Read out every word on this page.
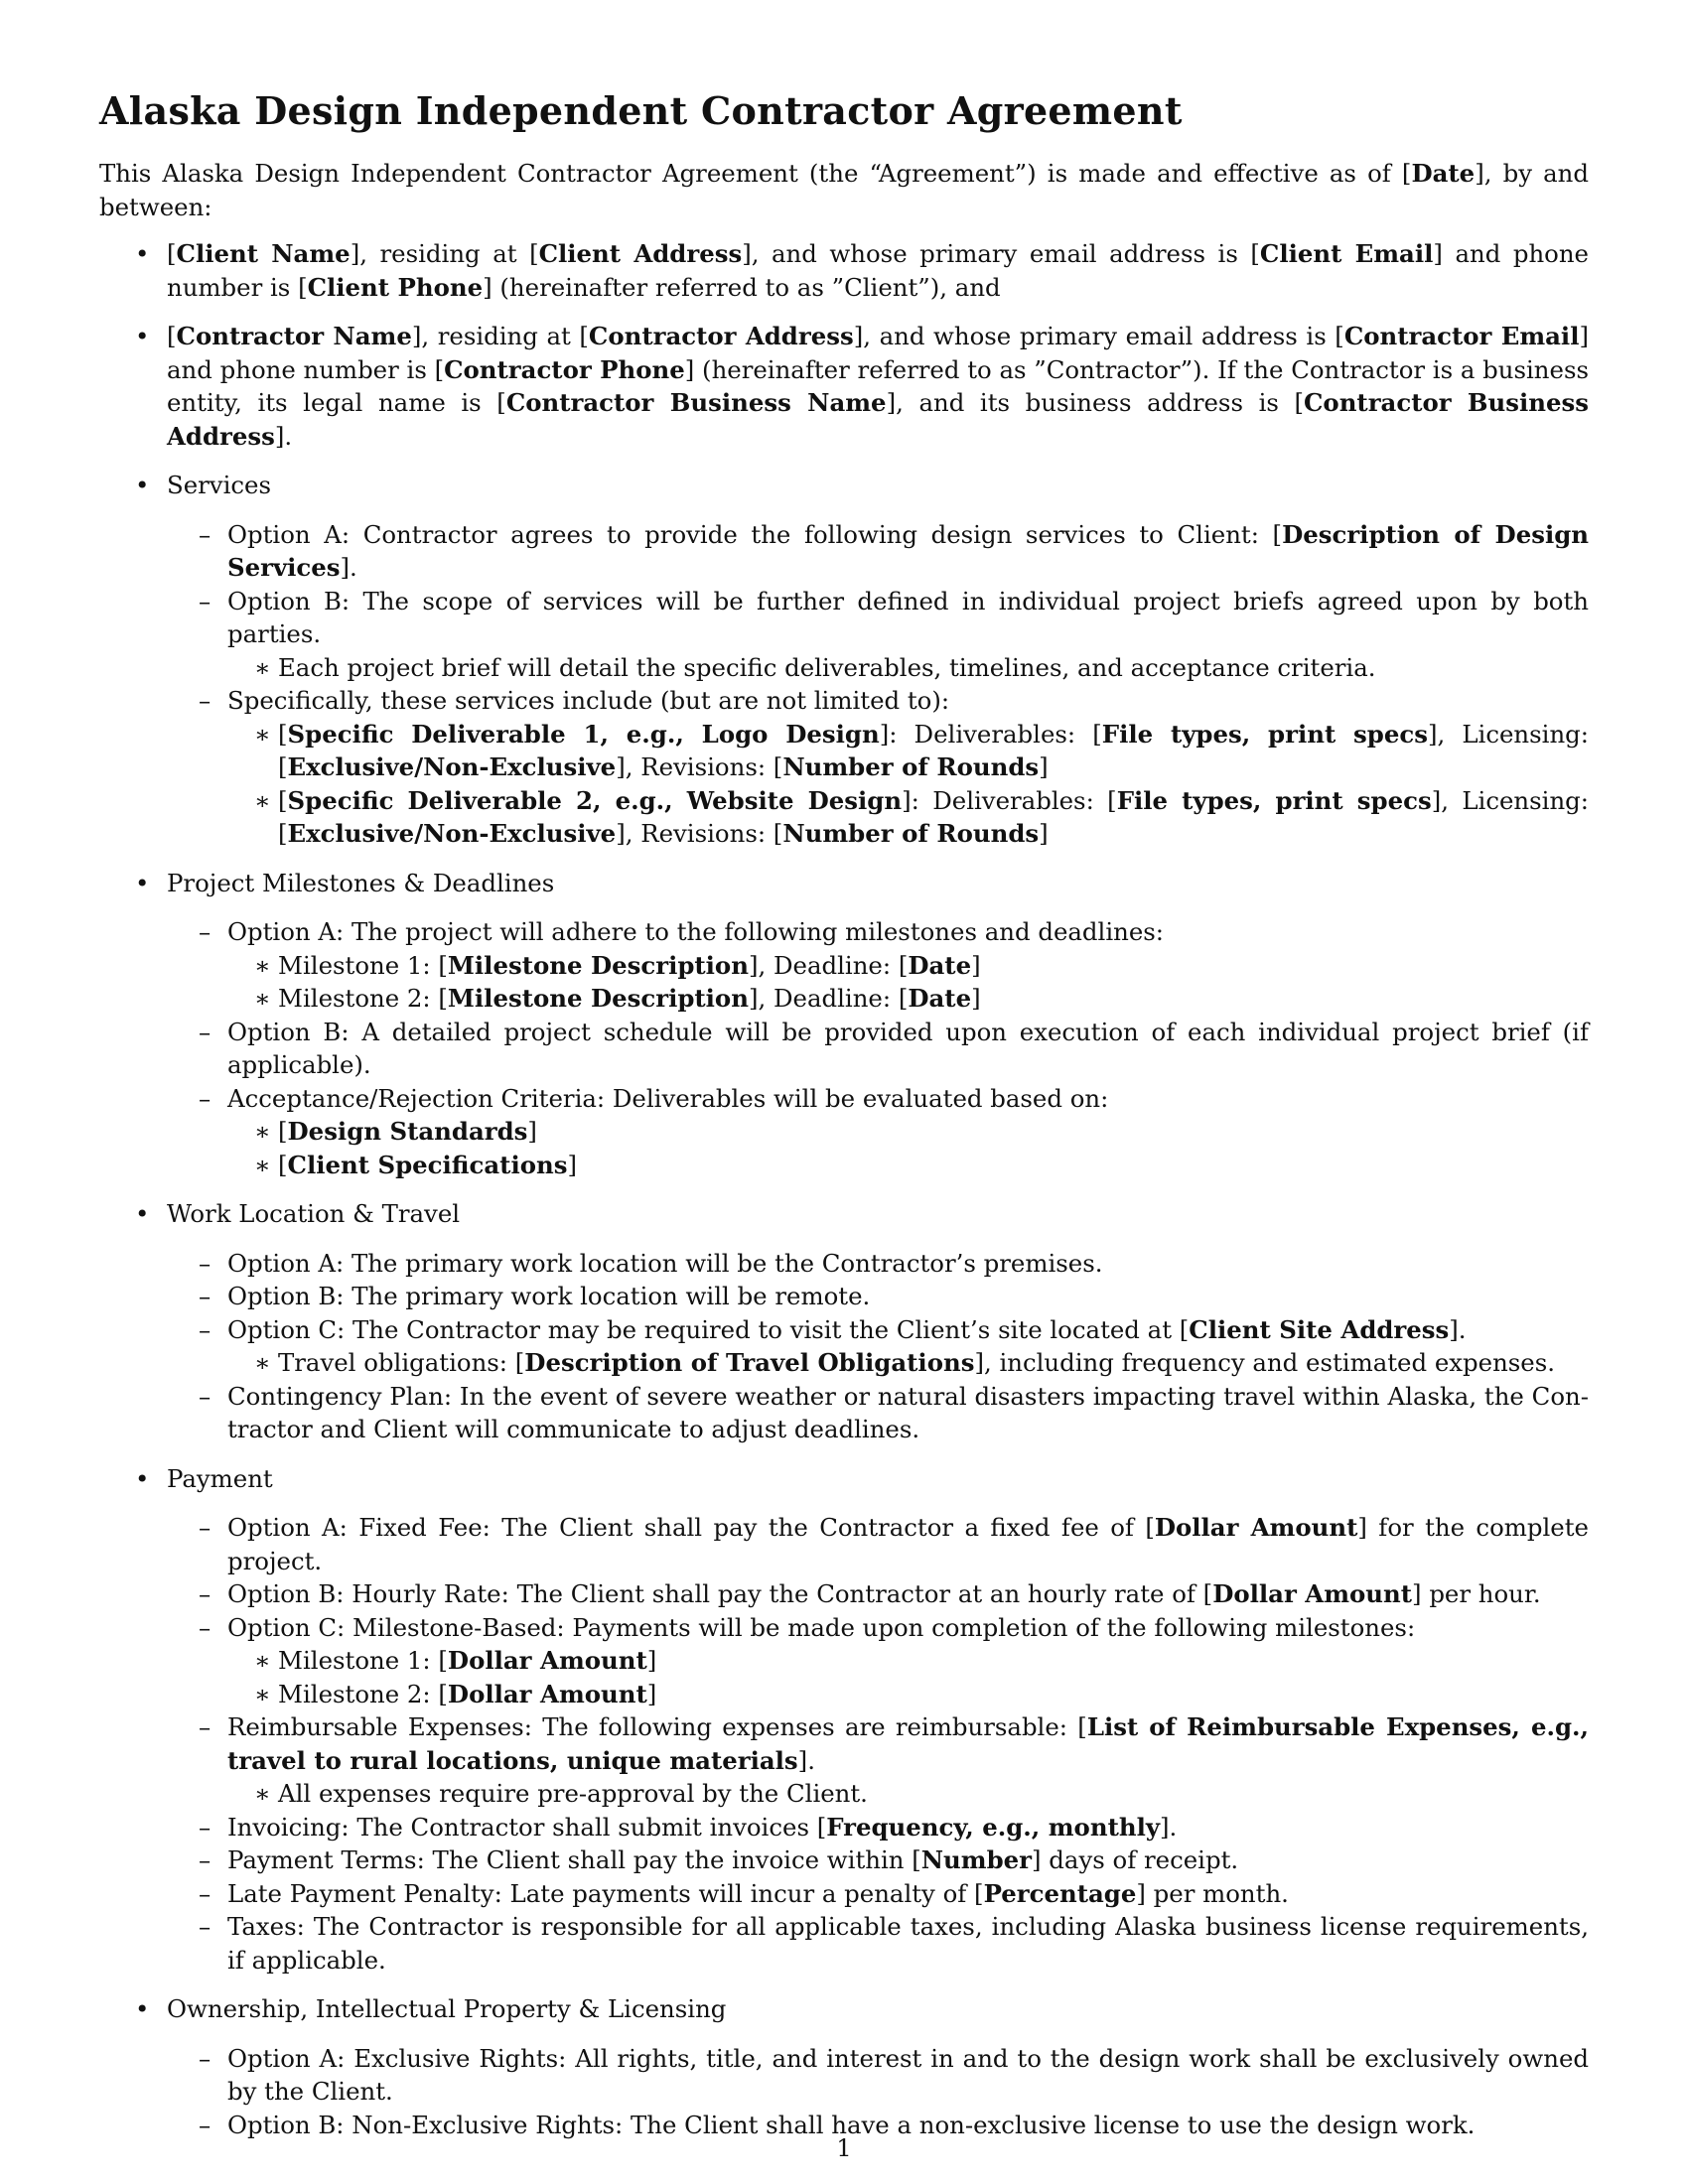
Alaska Design Independent Contractor Agreement

This Alaska Design Independent Contractor Agreement (the “Agreement”) is made and effective as of [Date], by and between:

• [Client Name], residing at [Client Address], and whose primary email address is [Client Email] and phone number is [Client Phone] (hereinafter referred to as ”Client”), and
• [Contractor Name], residing at [Contractor Address], and whose primary email address is [Contractor Email] and phone number is [Contractor Phone] (hereinafter referred to as ”Contractor”). If the Contractor is a business entity, its legal name is [Contractor Business Name], and its business address is [Contractor Business Address].
• Services
– Option A: Contractor agrees to provide the following design services to Client: [Description of Design Services].
– Option B: The scope of services will be further defined in individual project briefs agreed upon by both parties.
∗ Each project brief will detail the specific deliverables, timelines, and acceptance criteria.
– Specifically, these services include (but are not limited to):
∗ [Specific Deliverable 1, e.g., Logo Design]: Deliverables: [File types, print specs], Licensing: [Exclusive/Non-Exclusive], Revisions: [Number of Rounds]
∗ [Specific Deliverable 2, e.g., Website Design]: Deliverables: [File types, print specs], Licensing: [Exclusive/Non-Exclusive], Revisions: [Number of Rounds]
• Project Milestones & Deadlines
– Option A: The project will adhere to the following milestones and deadlines:
∗ Milestone 1: [Milestone Description], Deadline: [Date]
∗ Milestone 2: [Milestone Description], Deadline: [Date]
– Option B: A detailed project schedule will be provided upon execution of each individual project brief (if applicable).
– Acceptance/Rejection Criteria: Deliverables will be evaluated based on:
∗ [Design Standards]
∗ [Client Specifications]
• Work Location & Travel
– Option A: The primary work location will be the Contractor’s premises.
– Option B: The primary work location will be remote.
– Option C: The Contractor may be required to visit the Client’s site located at [Client Site Address].
∗ Travel obligations: [Description of Travel Obligations], including frequency and estimated expenses.
– Contingency Plan: In the event of severe weather or natural disasters impacting travel within Alaska, the Contractor and Client will communicate to adjust deadlines.
• Payment
– Option A: Fixed Fee: The Client shall pay the Contractor a fixed fee of [Dollar Amount] for the complete project.
– Option B: Hourly Rate: The Client shall pay the Contractor at an hourly rate of [Dollar Amount] per hour.
– Option C: Milestone-Based: Payments will be made upon completion of the following milestones:
∗ Milestone 1: [Dollar Amount]
∗ Milestone 2: [Dollar Amount]
– Reimbursable Expenses: The following expenses are reimbursable: [List of Reimbursable Expenses, e.g., travel to rural locations, unique materials].
∗ All expenses require pre-approval by the Client.
– Invoicing: The Contractor shall submit invoices [Frequency, e.g., monthly].
– Payment Terms: The Client shall pay the invoice within [Number] days of receipt.
– Late Payment Penalty: Late payments will incur a penalty of [Percentage] per month.
– Taxes: The Contractor is responsible for all applicable taxes, including Alaska business license requirements, if applicable.
• Ownership, Intellectual Property & Licensing
– Option A: Exclusive Rights: All rights, title, and interest in and to the design work shall be exclusively owned by the Client.
– Option B: Non-Exclusive Rights: The Client shall have a non-exclusive license to use the design work.
1
